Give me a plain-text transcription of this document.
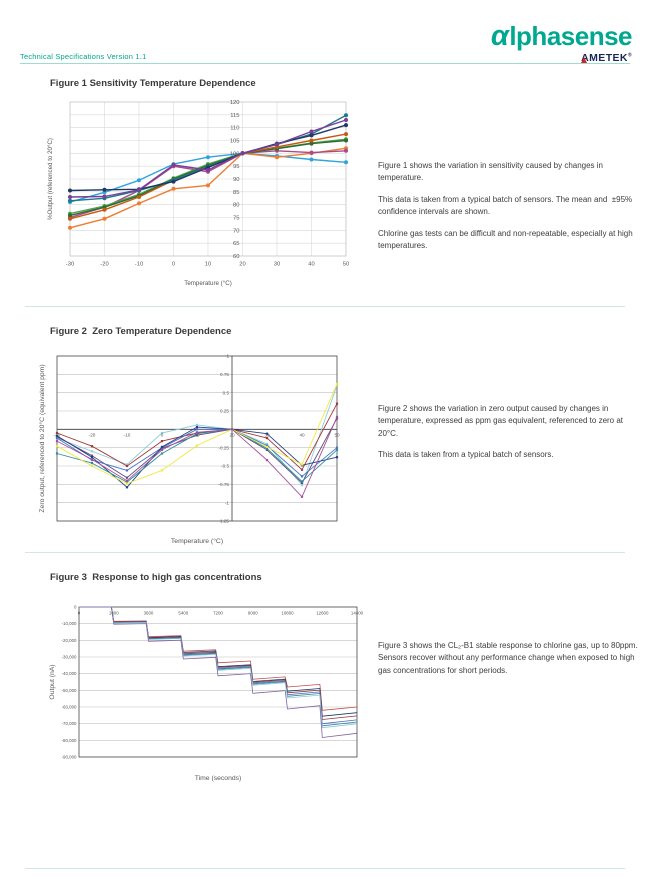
Technical Specifications Version 1.1
αlphasense
AMETEK®
Figure 1 Sensitivity Temperature Dependence
60
65
70
75
80
85
90
95
100
105
110
115
120
-30	-20	-10	0	10	20	30	40	50
Temperature (°C)
%Output (referenced to 20°C)	Figure 1 shows the variation in sensitivity caused by changes in temperature.

This data is taken from a typical batch of sensors. The mean and  ±95% confidence intervals are shown.

Chlorine gas tests can be difficult and non-repeatable, especially at high temperatures.

Figure 2  Zero Temperature Dependence
1
0.75
0.5
0.25
-0.25
-0.5
-0.75
-1
-1.25
-30	-20	-10	0	10	20	30	40	50
Temperature (°C)
Zero output, referenced to 20°C (equivalent ppm)	Figure 2 shows the variation in zero output caused by changes in temperature, expressed as ppm gas equivalent, referenced to zero at 20°C.

This data is taken from a typical batch of sensors.

Figure 3  Response to high gas concentrations
0
-10,000
-20,000
-30,000
-40,000
-50,000
-60,000
-70,000
-80,000
-90,000
0	1800	3600	5400	7200	9000	10800	12600	14400
Time (seconds)
Output (nA)

Figure 3 shows the CL₂-B1 stable response to chlorine gas, up to 80ppm.  Sensors recover without any performance change when exposed to high gas concentrations for short periods.
